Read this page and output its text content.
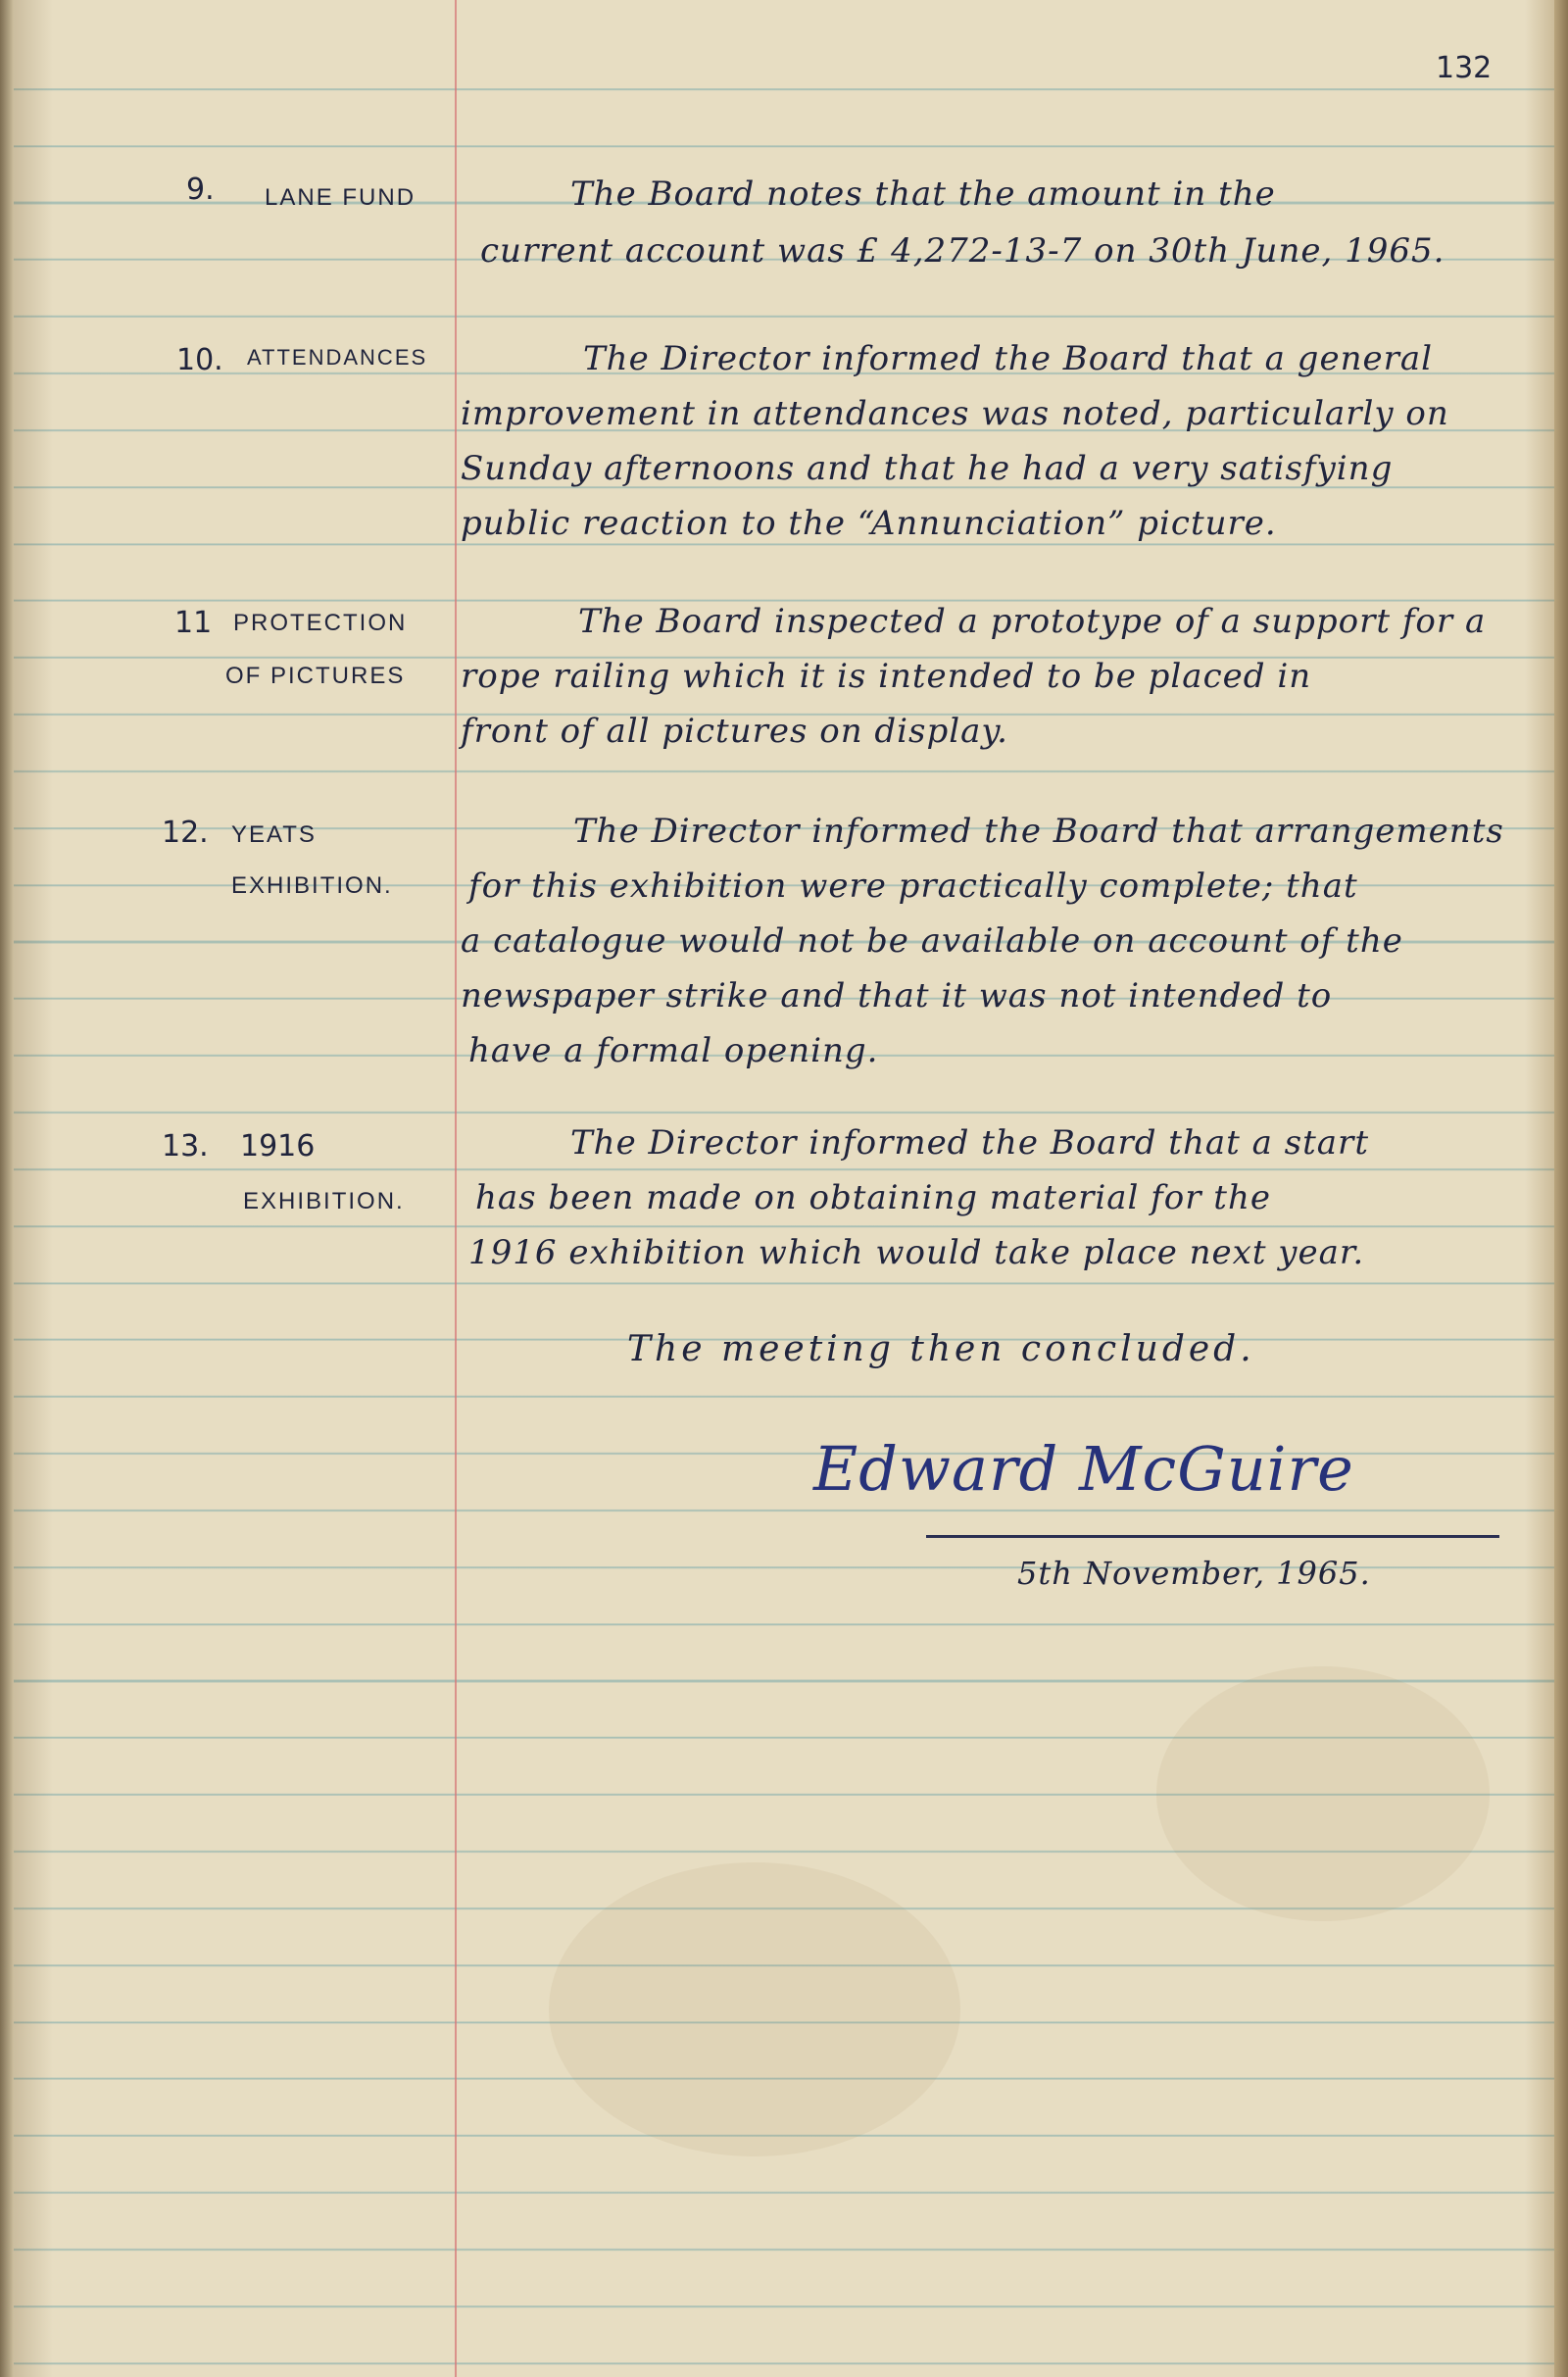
132
9. LANE FUND	The Board notes that the amount in the
current account was £ 4,272-13-7 on 30th June, 1965.
10. ATTENDANCES	The Director informed the Board that a general
improvement in attendances was noted, particularly on
Sunday afternoons and that he had a very satisfying
public reaction to the “Annunciation” picture.
11 PROTECTION
OF PICTURES
The Board inspected a prototype of a support for a
rope railing which it is intended to be placed in
front of all pictures on display.
12. YEATS
EXHIBITION.
The Director informed the Board that arrangements
for this exhibition were practically complete; that
a catalogue would not be available on account of the
newspaper strike and that it was not intended to
have a formal opening.
13. 1916
EXHIBITION.
The Director informed the Board that a start
has been made on obtaining material for the
1916 exhibition which would take place next year.
The meeting then concluded.
Edward McGuire
5th November, 1965.
